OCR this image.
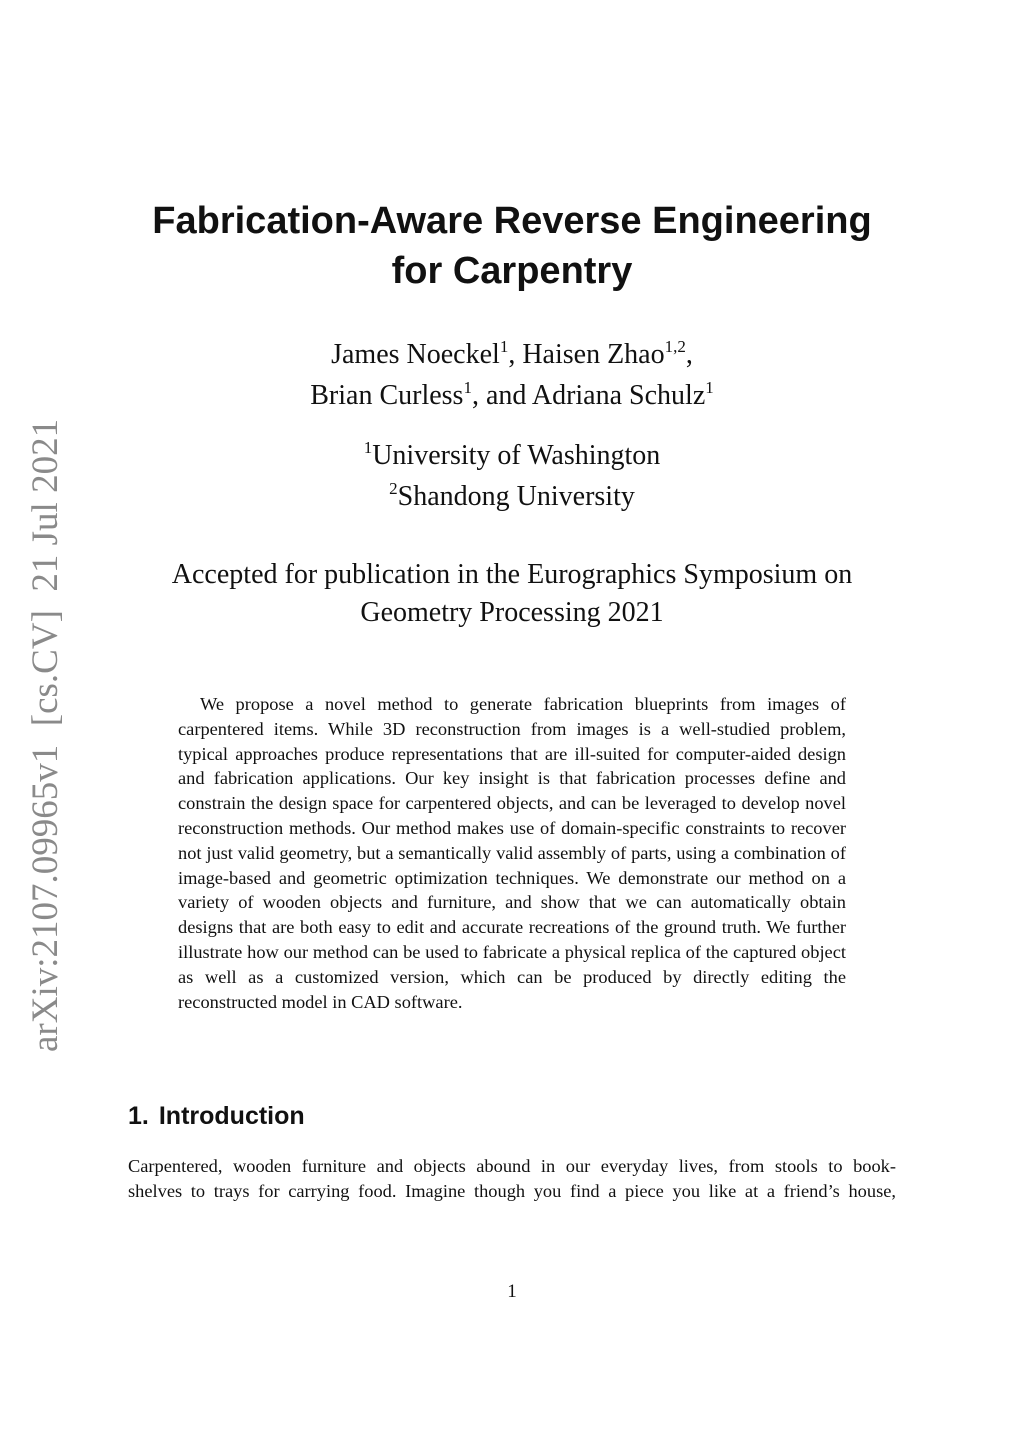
arXiv:2107.09965v1  [cs.CV]  21 Jul 2021
Fabrication-Aware Reverse Engineering
for Carpentry
James Noeckel$^1$, Haisen Zhao$^{1,2}$,
Brian Curless$^1$, and Adriana Schulz$^1$
$^1$University of Washington
$^2$Shandong University
Accepted for publication in the Eurographics Symposium on
Geometry Processing 2021

We propose a novel method to generate fabrication blueprints from images of carpentered items. While 3D reconstruction from images is a well-studied problem, typical approaches produce representations that are ill-suited for computer-aided design and fabrication applications. Our key insight is that fabrication processes define and constrain the design space for carpentered objects, and can be leveraged to develop novel reconstruction methods. Our method makes use of domain-specific constraints to recover not just valid geometry, but a semantically valid assembly of parts, using a combination of image-based and geometric optimization techniques. We demonstrate our method on a variety of wooden objects and furniture, and show that we can automatically obtain designs that are both easy to edit and accurate recreations of the ground truth. We further illustrate how our method can be used to fabricate a physical replica of the captured object as well as a customized version, which can be produced by directly editing the reconstructed model in CAD software.

1. Introduction

Carpentered, wooden furniture and objects abound in our everyday lives, from stools to book-
shelves to trays for carrying food. Imagine though you find a piece you like at a friend’s house,

1
